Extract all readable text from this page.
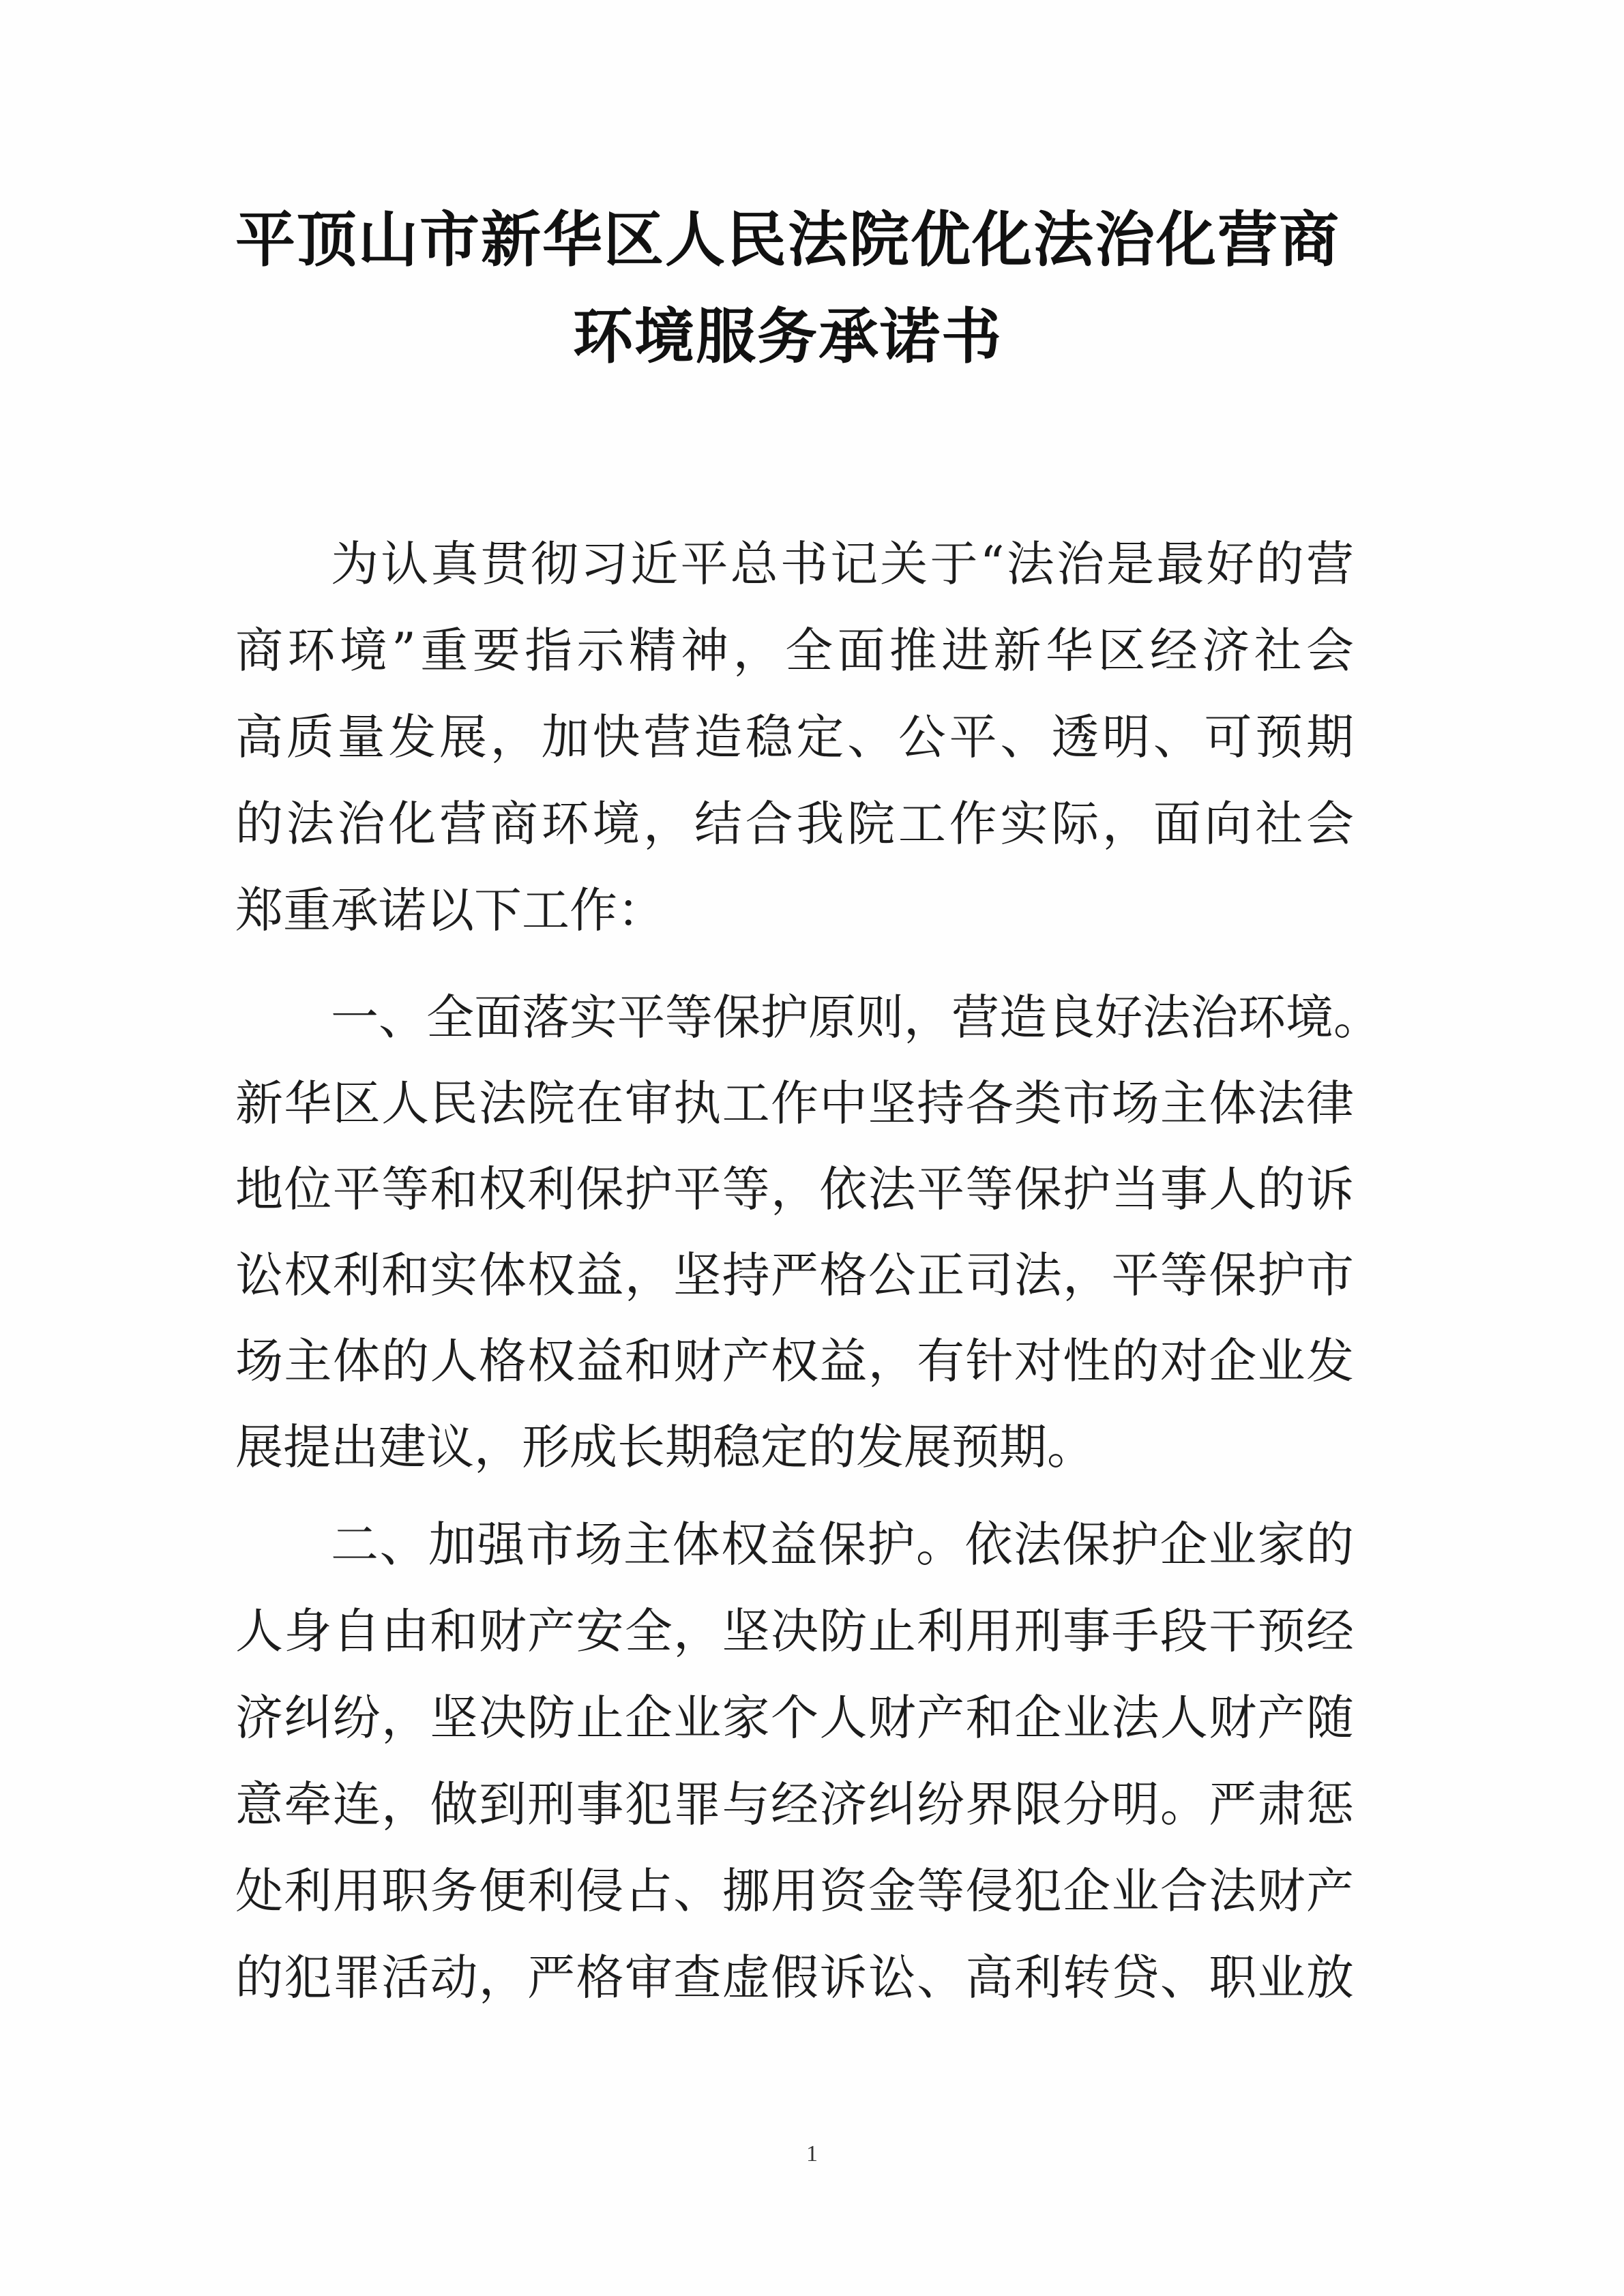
平顶山市新华区人民法院优化法治化营商
环境服务承诺书
为认真贯彻习近平总书记关于“法治是最好的营
商环境”重要指示精神，全面推进新华区经济社会
高质量发展，加快营造稳定、公平、透明、可预期
的法治化营商环境，结合我院工作实际，面向社会
郑重承诺以下工作：
一、全面落实平等保护原则，营造良好法治环境。
新华区人民法院在审执工作中坚持各类市场主体法律
地位平等和权利保护平等，依法平等保护当事人的诉
讼权利和实体权益，坚持严格公正司法，平等保护市
场主体的人格权益和财产权益，有针对性的对企业发
展提出建议，形成长期稳定的发展预期。
二、加强市场主体权益保护。依法保护企业家的
人身自由和财产安全，坚决防止利用刑事手段干预经
济纠纷，坚决防止企业家个人财产和企业法人财产随
意牵连，做到刑事犯罪与经济纠纷界限分明。严肃惩
处利用职务便利侵占、挪用资金等侵犯企业合法财产
的犯罪活动，严格审查虚假诉讼、高利转贷、职业放
1
